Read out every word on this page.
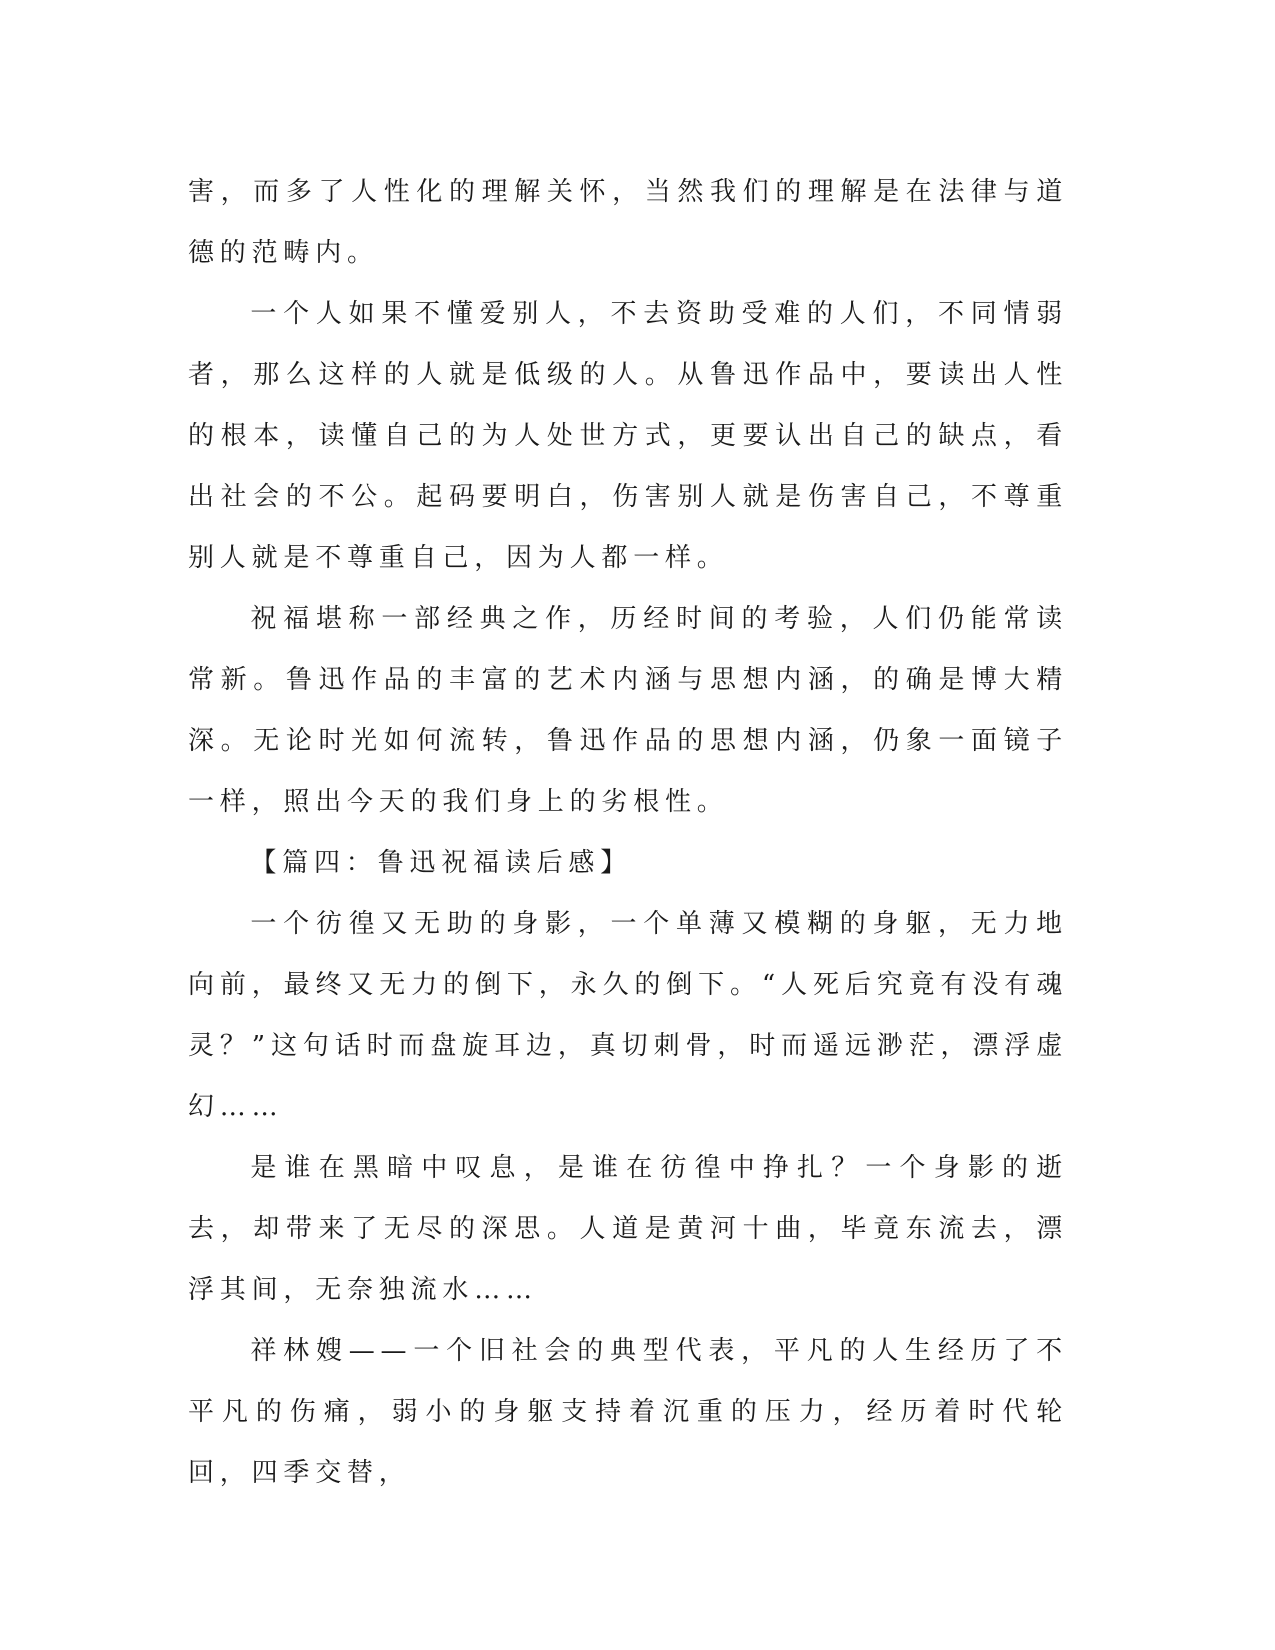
害，而多了人性化的理解关怀，当然我们的理解是在法律与道德的范畴内。

一个人如果不懂爱别人，不去资助受难的人们，不同情弱者，那么这样的人就是低级的人。从鲁迅作品中，要读出人性的根本，读懂自己的为人处世方式，更要认出自己的缺点，看出社会的不公。起码要明白，伤害别人就是伤害自己，不尊重别人就是不尊重自己，因为人都一样。

祝福堪称一部经典之作，历经时间的考验，人们仍能常读常新。鲁迅作品的丰富的艺术内涵与思想内涵，的确是博大精深。无论时光如何流转，鲁迅作品的思想内涵，仍象一面镜子一样，照出今天的我们身上的劣根性。

【篇四：鲁迅祝福读后感】

一个彷徨又无助的身影，一个单薄又模糊的身躯，无力地向前，最终又无力的倒下，永久的倒下。“人死后究竟有没有魂灵？”这句话时而盘旋耳边，真切刺骨，时而遥远渺茫，漂浮虚幻……

是谁在黑暗中叹息，是谁在彷徨中挣扎？一个身影的逝去，却带来了无尽的深思。人道是黄河十曲，毕竟东流去，漂浮其间，无奈独流水……

祥林嫂——一个旧社会的典型代表，平凡的人生经历了不平凡的伤痛，弱小的身躯支持着沉重的压力，经历着时代轮回，四季交替，
